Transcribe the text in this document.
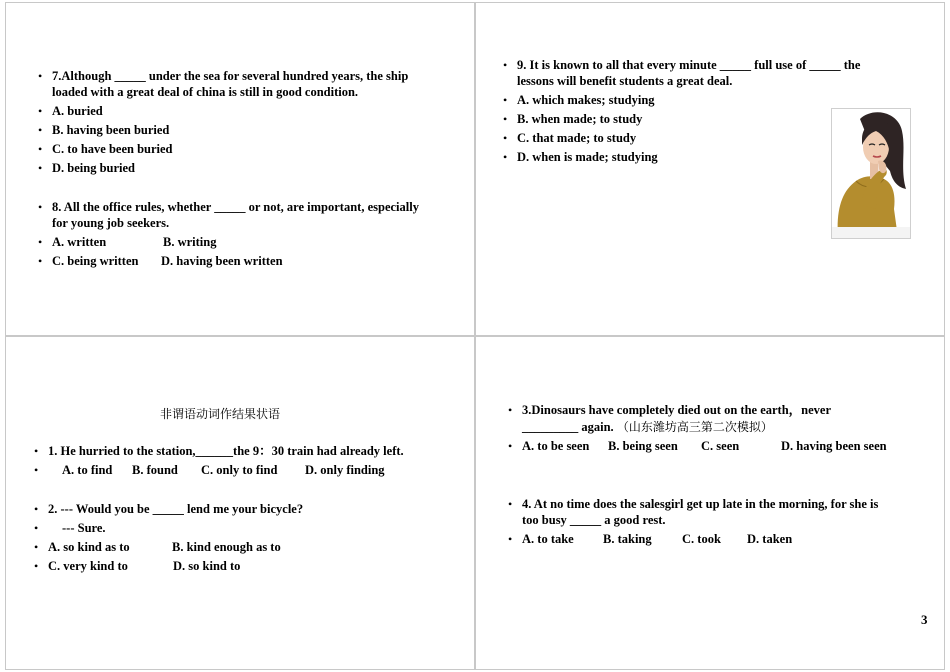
• 7.Although _____ under the sea for several hundred years, the ship
loaded with a great deal of china is still in good condition.
• A. buried
• B. having been buried
• C. to have been buried
• D. being buried
• 8. All the office rules, whether _____ or not, are important, especially
for young job seekers.
• A. written	B. writing
• C. being written D. having been written
• 9. It is known to all that every minute _____ full use of _____ the
lessons will benefit students a great deal.
• A. which makes; studying
• B. when made; to study
• C. that made; to study
• D. when is made; studying
非谓语动词作结果状语
• 1. He hurried to the station,______the 9：30 train had already left.
• A. to find B. found C. only to find D. only finding
• 2. --- Would you be _____ lend me your bicycle?
• --- Sure.
• A. so kind as to	B. kind enough as to
• C. very kind to	D. so kind to
• 3.Dinosaurs have completely died out on the earth，never
_________ again. （山东潍坊高三第二次模拟）
• A. to be seen B. being seen C. seen	D. having been seen
• 4. At no time does the salesgirl get up late in the morning, for she is
too busy _____ a good rest.
• A. to take B. taking C. took D. taken
3
